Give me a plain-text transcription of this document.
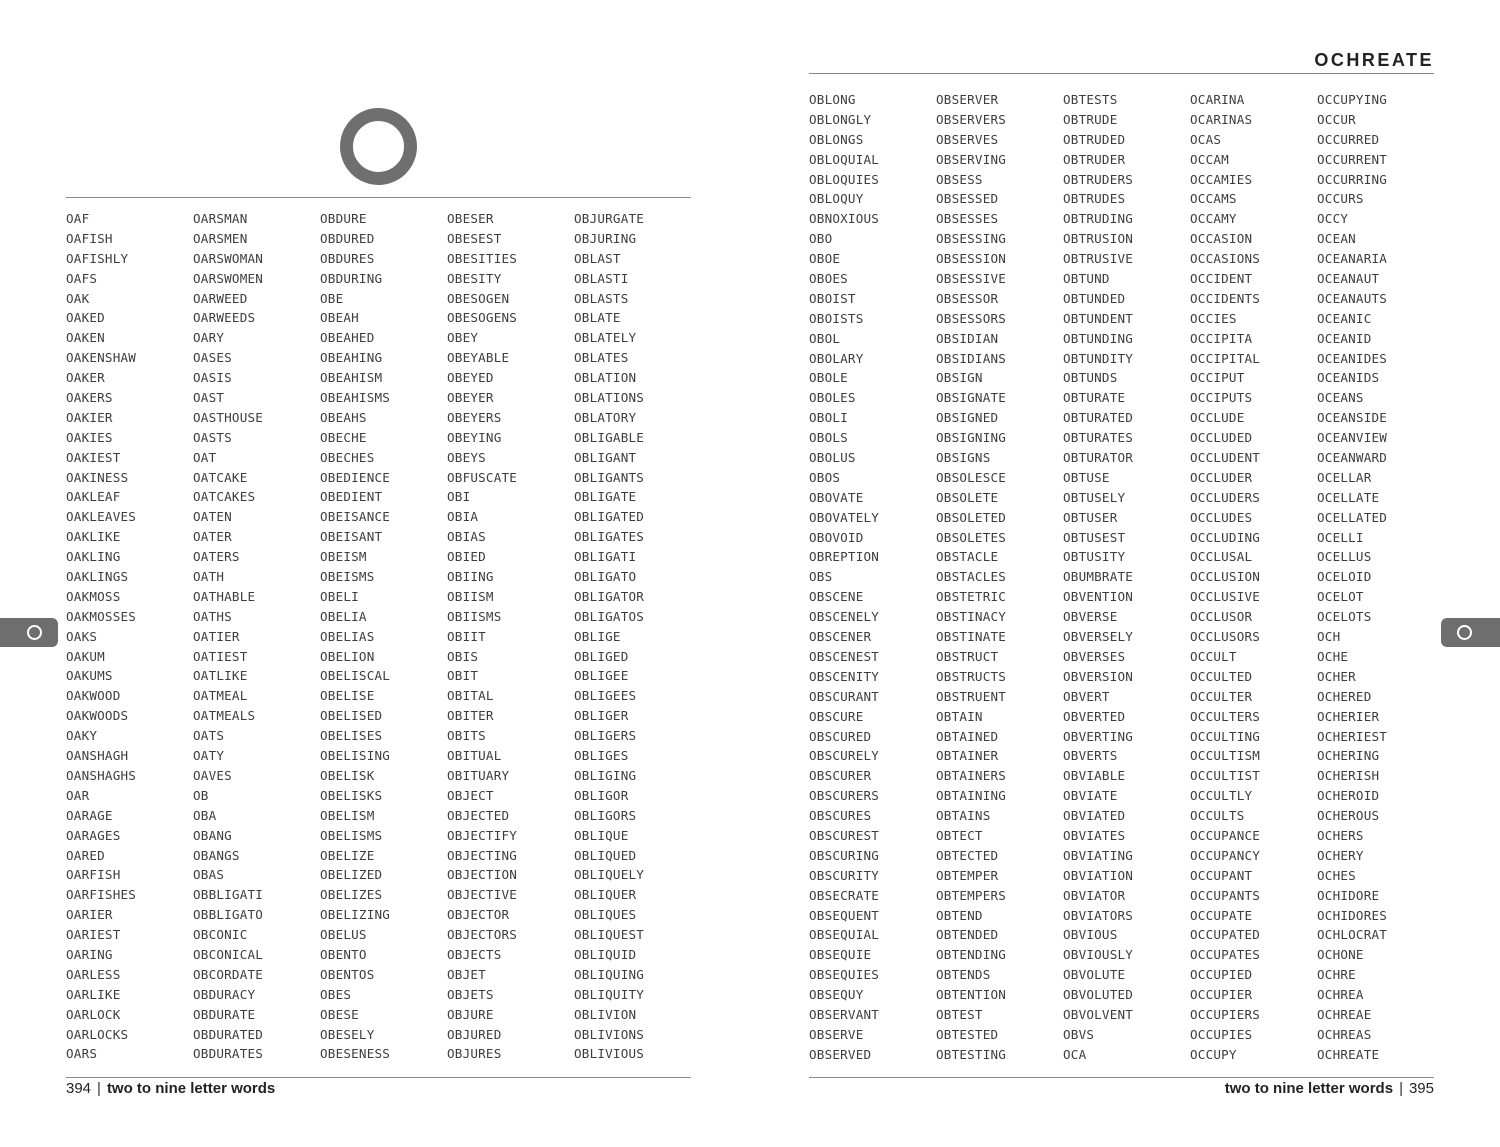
OAF
OAFISH
OAFISHLY
OAFS
OAK
OAKED
OAKEN
OAKENSHAW
OAKER
OAKERS
OAKIER
OAKIES
OAKIEST
OAKINESS
OAKLEAF
OAKLEAVES
OAKLIKE
OAKLING
OAKLINGS
OAKMOSS
OAKMOSSES
OAKS
OAKUM
OAKUMS
OAKWOOD
OAKWOODS
OAKY
OANSHAGH
OANSHAGHS
OAR
OARAGE
OARAGES
OARED
OARFISH
OARFISHES
OARIER
OARIEST
OARING
OARLESS
OARLIKE
OARLOCK
OARLOCKS
OARS
OARSMAN
OARSMEN
OARSWOMAN
OARSWOMEN
OARWEED
OARWEEDS
OARY
OASES
OASIS
OAST
OASTHOUSE
OASTS
OAT
OATCAKE
OATCAKES
OATEN
OATER
OATERS
OATH
OATHABLE
OATHS
OATIER
OATIEST
OATLIKE
OATMEAL
OATMEALS
OATS
OATY
OAVES
OB
OBA
OBANG
OBANGS
OBAS
OBBLIGATI
OBBLIGATO
OBCONIC
OBCONICAL
OBCORDATE
OBDURACY
OBDURATE
OBDURATED
OBDURATES
OBDURE
OBDURED
OBDURES
OBDURING
OBE
OBEAH
OBEAHED
OBEAHING
OBEAHISM
OBEAHISMS
OBEAHS
OBECHE
OBECHES
OBEDIENCE
OBEDIENT
OBEISANCE
OBEISANT
OBEISM
OBEISMS
OBELI
OBELIA
OBELIAS
OBELION
OBELISCAL
OBELISE
OBELISED
OBELISES
OBELISING
OBELISK
OBELISKS
OBELISM
OBELISMS
OBELIZE
OBELIZED
OBELIZES
OBELIZING
OBELUS
OBENTO
OBENTOS
OBES
OBESE
OBESELY
OBESENESS
OBESER
OBESEST
OBESITIES
OBESITY
OBESOGEN
OBESOGENS
OBEY
OBEYABLE
OBEYED
OBEYER
OBEYERS
OBEYING
OBEYS
OBFUSCATE
OBI
OBIA
OBIAS
OBIED
OBIING
OBIISM
OBIISMS
OBIIT
OBIS
OBIT
OBITAL
OBITER
OBITS
OBITUAL
OBITUARY
OBJECT
OBJECTED
OBJECTIFY
OBJECTING
OBJECTION
OBJECTIVE
OBJECTOR
OBJECTORS
OBJECTS
OBJET
OBJETS
OBJURE
OBJURED
OBJURES
OBJURGATE
OBJURING
OBLAST
OBLASTI
OBLASTS
OBLATE
OBLATELY
OBLATES
OBLATION
OBLATIONS
OBLATORY
OBLIGABLE
OBLIGANT
OBLIGANTS
OBLIGATE
OBLIGATED
OBLIGATES
OBLIGATI
OBLIGATO
OBLIGATOR
OBLIGATOS
OBLIGE
OBLIGED
OBLIGEE
OBLIGEES
OBLIGER
OBLIGERS
OBLIGES
OBLIGING
OBLIGOR
OBLIGORS
OBLIQUE
OBLIQUED
OBLIQUELY
OBLIQUER
OBLIQUES
OBLIQUEST
OBLIQUID
OBLIQUING
OBLIQUITY
OBLIVION
OBLIVIONS
OBLIVIOUS
394 | two to nine letter words
OCHREATE
OBLONG
OBLONGLY
OBLONGS
OBLOQUIAL
OBLOQUIES
OBLOQUY
OBNOXIOUS
OBO
OBOE
OBOES
OBOIST
OBOISTS
OBOL
OBOLARY
OBOLE
OBOLES
OBOLI
OBOLS
OBOLUS
OBOS
OBOVATE
OBOVATELY
OBOVOID
OBREPTION
OBS
OBSCENE
OBSCENELY
OBSCENER
OBSCENEST
OBSCENITY
OBSCURANT
OBSCURE
OBSCURED
OBSCURELY
OBSCURER
OBSCURERS
OBSCURES
OBSCUREST
OBSCURING
OBSCURITY
OBSECRATE
OBSEQUENT
OBSEQUIAL
OBSEQUIE
OBSEQUIES
OBSEQUY
OBSERVANT
OBSERVE
OBSERVED
OBSERVER
OBSERVERS
OBSERVES
OBSERVING
OBSESS
OBSESSED
OBSESSES
OBSESSING
OBSESSION
OBSESSIVE
OBSESSOR
OBSESSORS
OBSIDIAN
OBSIDIANS
OBSIGN
OBSIGNATE
OBSIGNED
OBSIGNING
OBSIGNS
OBSOLESCE
OBSOLETE
OBSOLETED
OBSOLETES
OBSTACLE
OBSTACLES
OBSTETRIC
OBSTINACY
OBSTINATE
OBSTRUCT
OBSTRUCTS
OBSTRUENT
OBTAIN
OBTAINED
OBTAINER
OBTAINERS
OBTAINING
OBTAINS
OBTECT
OBTECTED
OBTEMPER
OBTEMPERS
OBTEND
OBTENDED
OBTENDING
OBTENDS
OBTENTION
OBTEST
OBTESTED
OBTESTING
OBTESTS
OBTRUDE
OBTRUDED
OBTRUDER
OBTRUDERS
OBTRUDES
OBTRUDING
OBTRUSION
OBTRUSIVE
OBTUND
OBTUNDED
OBTUNDENT
OBTUNDING
OBTUNDITY
OBTUNDS
OBTURATE
OBTURATED
OBTURATES
OBTURATOR
OBTUSE
OBTUSELY
OBTUSER
OBTUSEST
OBTUSITY
OBUMBRATE
OBVENTION
OBVERSE
OBVERSELY
OBVERSES
OBVERSION
OBVERT
OBVERTED
OBVERTING
OBVERTS
OBVIABLE
OBVIATE
OBVIATED
OBVIATES
OBVIATING
OBVIATION
OBVIATOR
OBVIATORS
OBVIOUS
OBVIOUSLY
OBVOLUTE
OBVOLUTED
OBVOLVENT
OBVS
OCA
OCARINA
OCARINAS
OCAS
OCCAM
OCCAMIES
OCCAMS
OCCAMY
OCCASION
OCCASIONS
OCCIDENT
OCCIDENTS
OCCIES
OCCIPITA
OCCIPITAL
OCCIPUT
OCCIPUTS
OCCLUDE
OCCLUDED
OCCLUDENT
OCCLUDER
OCCLUDERS
OCCLUDES
OCCLUDING
OCCLUSAL
OCCLUSION
OCCLUSIVE
OCCLUSOR
OCCLUSORS
OCCULT
OCCULTED
OCCULTER
OCCULTERS
OCCULTING
OCCULTISM
OCCULTIST
OCCULTLY
OCCULTS
OCCUPANCE
OCCUPANCY
OCCUPANT
OCCUPANTS
OCCUPATE
OCCUPATED
OCCUPATES
OCCUPIED
OCCUPIER
OCCUPIERS
OCCUPIES
OCCUPY
OCCUPYING
OCCUR
OCCURRED
OCCURRENT
OCCURRING
OCCURS
OCCY
OCEAN
OCEANARIA
OCEANAUT
OCEANAUTS
OCEANIC
OCEANID
OCEANIDES
OCEANIDS
OCEANS
OCEANSIDE
OCEANVIEW
OCEANWARD
OCELLAR
OCELLATE
OCELLATED
OCELLI
OCELLUS
OCELOID
OCELOT
OCELOTS
OCH
OCHE
OCHER
OCHERED
OCHERIER
OCHERIEST
OCHERING
OCHERISH
OCHEROID
OCHEROUS
OCHERS
OCHERY
OCHES
OCHIDORE
OCHIDORES
OCHLOCRAT
OCHONE
OCHRE
OCHREA
OCHREAE
OCHREAS
OCHREATE
two to nine letter words | 395
